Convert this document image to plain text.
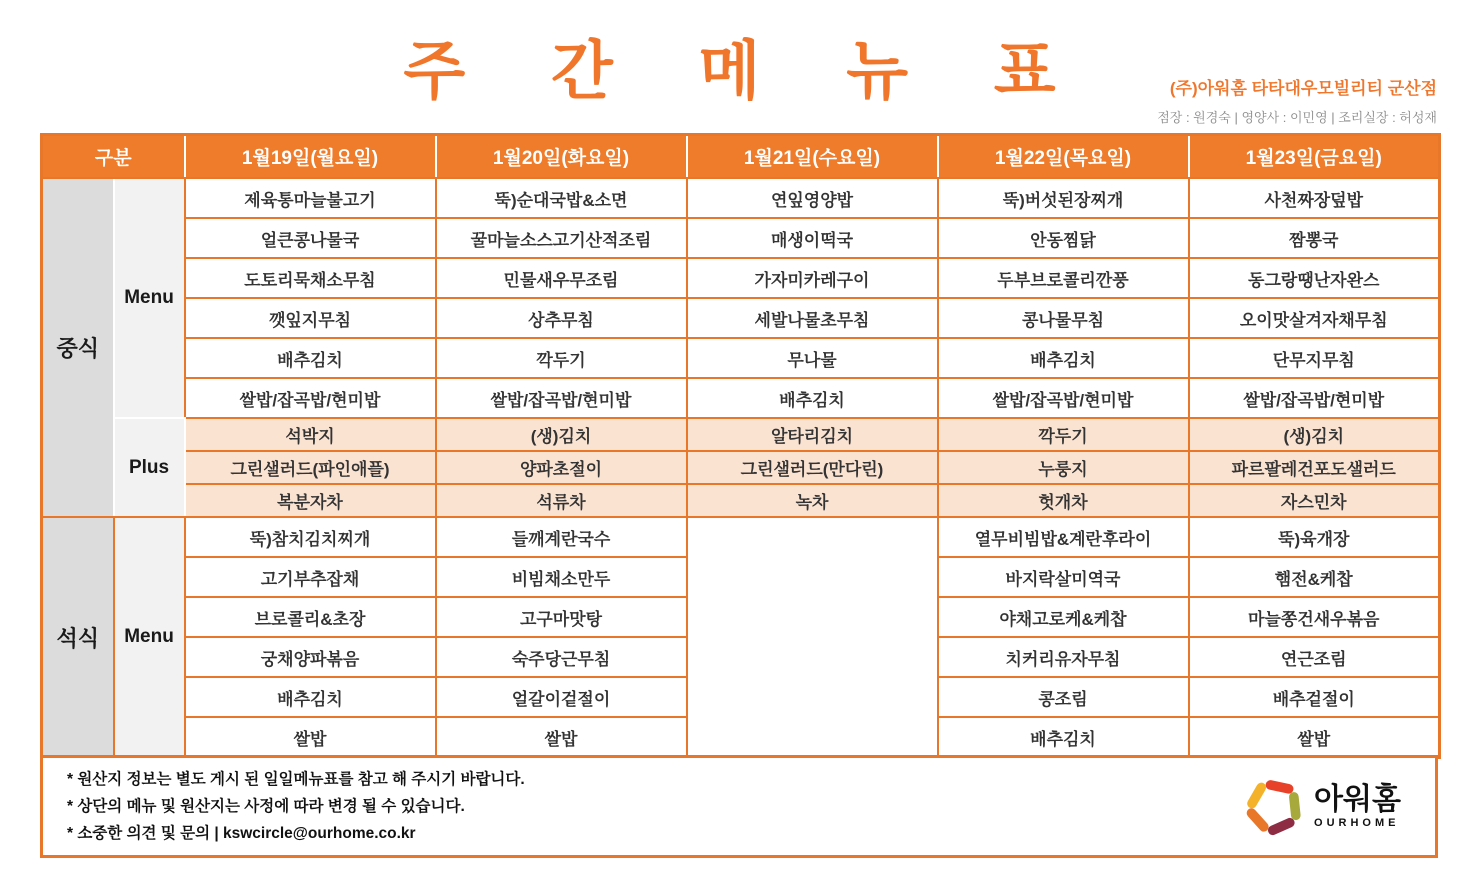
주 간 메 뉴 표	(주)아워홈 타타대우모빌리티 군산점
점장 : 원경숙 | 영양사 : 이민영 | 조리실장 : 허성재
구분		1월19일(월요일)	1월20일(화요일)	1월21일(수요일)	1월22일(목요일)	1월23일(금요일)
중식	Menu	제육통마늘불고기	뚝)순대국밥&소면	연잎영양밥	뚝)버섯된장찌개	사천짜장덮밥
		얼큰콩나물국	꿀마늘소스고기산적조림	매생이떡국	안동찜닭	짬뽕국
		도토리묵채소무침	민물새우무조림	가자미카레구이	두부브로콜리깐풍	동그랑땡난자완스
		깻잎지무침	상추무침	세발나물초무침	콩나물무침	오이맛살겨자채무침
		배추김치	깍두기	무나물	배추김치	단무지무침
		쌀밥/잡곡밥/현미밥	쌀밥/잡곡밥/현미밥	배추김치	쌀밥/잡곡밥/현미밥	쌀밥/잡곡밥/현미밥
	Plus	석박지	(생)김치	알타리김치	깍두기	(생)김치
		그린샐러드(파인애플)	양파초절이	그린샐러드(만다린)	누룽지	파르팔레건포도샐러드
		복분자차	석류차	녹차	헛개차	자스민차
석식	Menu	뚝)참치김치찌개	들깨계란국수		열무비빔밥&계란후라이	뚝)육개장
		고기부추잡채	비빔채소만두		바지락살미역국	햄전&케찹
		브로콜리&초장	고구마맛탕		야채고로케&케찹	마늘쫑건새우볶음
		궁채양파볶음	숙주당근무침		치커리유자무침	연근조림
		배추김치	얼갈이겉절이		콩조림	배추겉절이
		쌀밥	쌀밥		배추김치	쌀밥
* 원산지 정보는 별도 게시 된 일일메뉴표를 참고 해 주시기 바랍니다.
* 상단의 메뉴 및 원산지는 사정에 따라 변경 될 수 있습니다.
* 소중한 의견 및 문의 | kswcircle@ourhome.co.kr
아워홈
OURHOME
